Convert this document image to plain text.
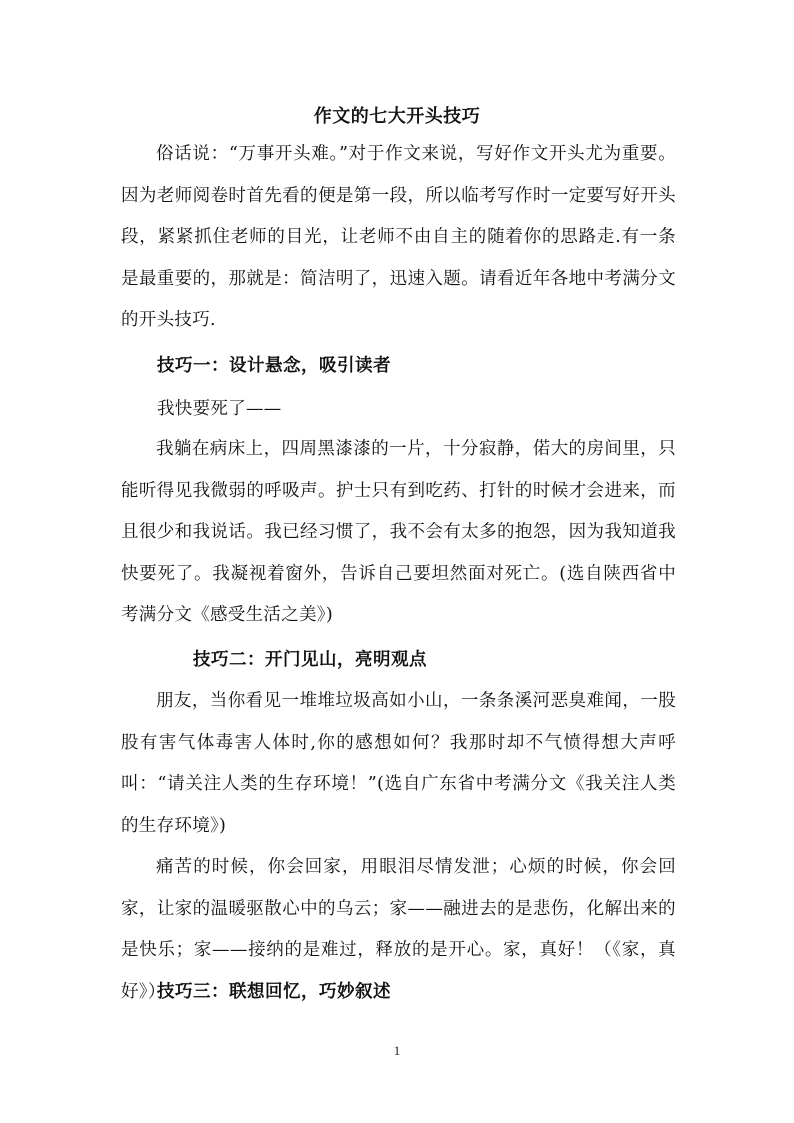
作文的七大开头技巧
俗话说：“万事开头难。”对于作文来说，写好作文开头尤为重要。因为老师阅卷时首先看的便是第一段，所以临考写作时一定要写好开头段，紧紧抓住老师的目光，让老师不由自主的随着你的思路走.有一条是最重要的，那就是：简洁明了，迅速入题。请看近年各地中考满分文的开头技巧.
技巧一：设计悬念，吸引读者
我快要死了——
我躺在病床上，四周黑漆漆的一片，十分寂静，偌大的房间里，只能听得见我微弱的呼吸声。护士只有到吃药、打针的时候才会进来，而且很少和我说话。我已经习惯了，我不会有太多的抱怨，因为我知道我快要死了。我凝视着窗外，告诉自己要坦然面对死亡。(选自陕西省中考满分文《感受生活之美》)
技巧二：开门见山，亮明观点
朋友，当你看见一堆堆垃圾高如小山，一条条溪河恶臭难闻，一股股有害气体毒害人体时,你的感想如何？我那时却不气愤得想大声呼叫：“请关注人类的生存环境！”(选自广东省中考满分文《我关注人类的生存环境》)
痛苦的时候，你会回家，用眼泪尽情发泄；心烦的时候，你会回家，让家的温暖驱散心中的乌云；家——融进去的是悲伤，化解出来的是快乐；家——接纳的是难过，释放的是开心。家，真好！（《家，真好》）
技巧三：联想回忆，巧妙叙述
1
